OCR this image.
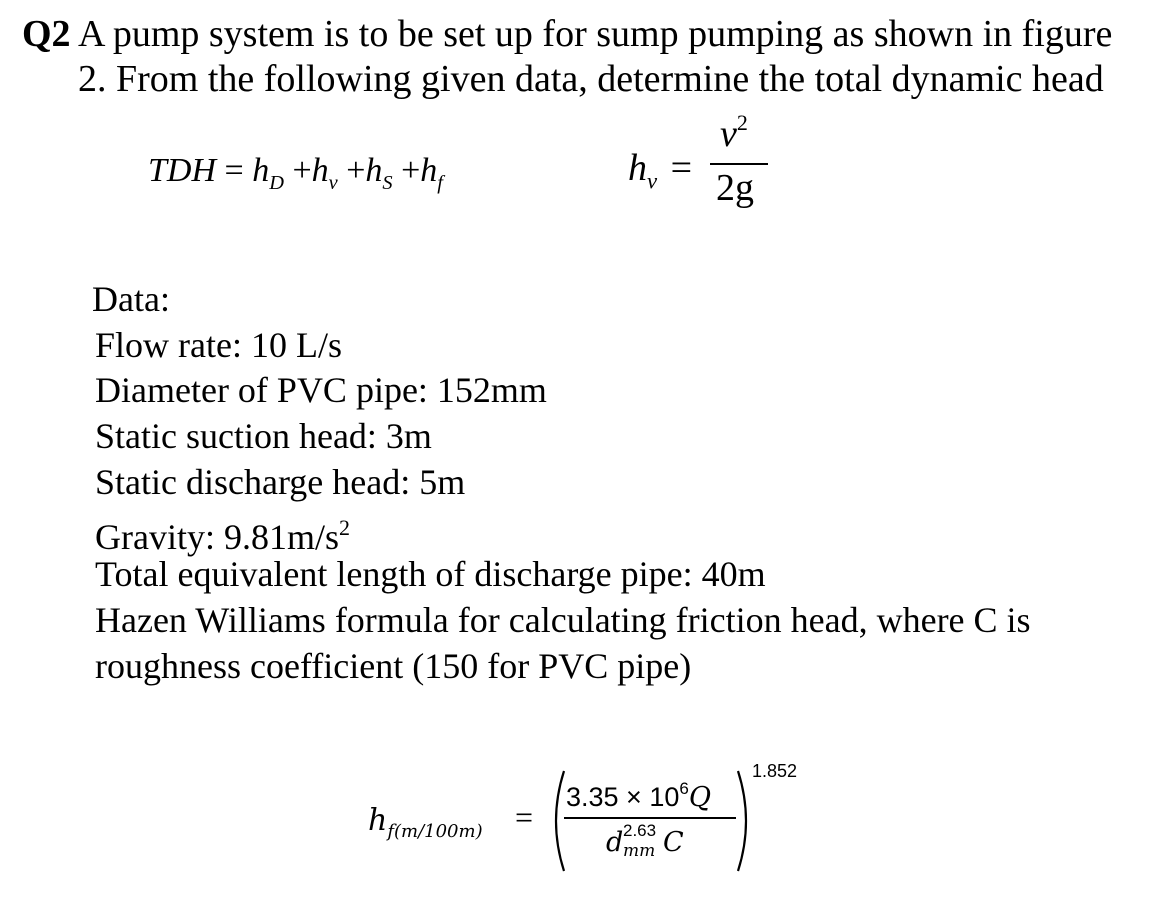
Q2 A pump system is to be set up for sump pumping as shown in figure
2. From the following given data, determine the total dynamic head
TDH = $h_D +h_v +h_S +h_f$	$h_v$ =
$v^2$
2g
Data:
Flow rate: 10 L/s
Diameter of PVC pipe: 152mm
Static suction head: 3m
Static discharge head: 5m
Gravity: $9.81m/s^2$
Total equivalent length of discharge pipe: 40m
Hazen Williams formula for calculating friction head, where C is
roughness coefficient (150 for PVC pipe)
$h_{f(m/100m)}$ =
$3.35 \times 10^6Q$
d 2.63
mm C
1.852
